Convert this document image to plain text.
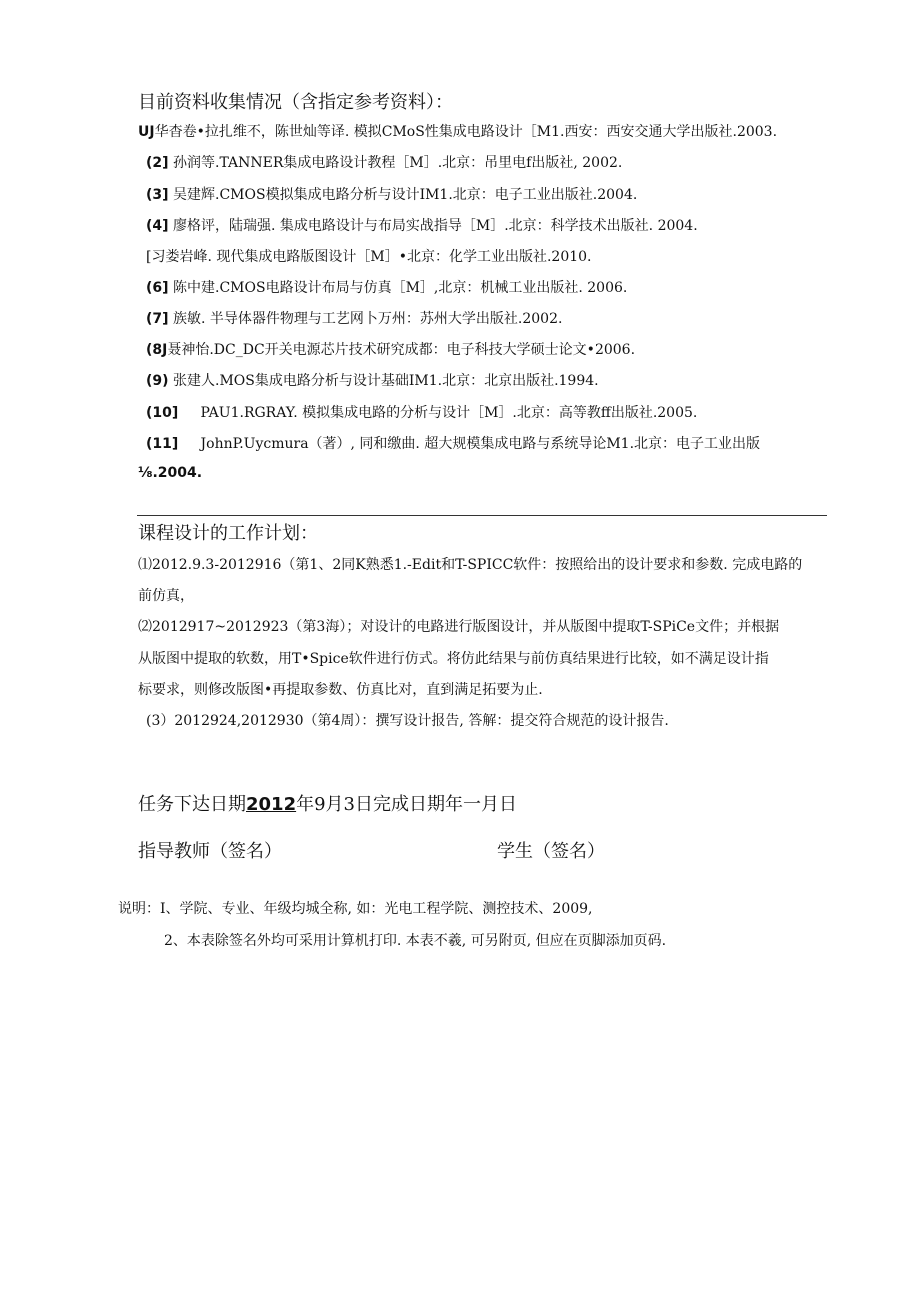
目前资料收集情况（含指定参考资料）：
UJ华杳卷•拉扎维不，陈世灿等译. 模拟CMoS性集成电路设计［M1.西安：西安交通大学出版社.2003.
(2] 孙润等.TANNER集成电路设计教程［M］.北京：吊里电f出版社, 2002.
(3] 吴建辉.CMOS模拟集成电路分析与设计IM1.北京：电子工业出版社.2004.
(4] 廖格评，陆瑞强. 集成电路设计与布局实战指导［M］.北京：科学技术出版社. 2004.
[习娄岩峰. 现代集成电路版图设计［M］•北京：化学工业出版社.2010.
(6] 陈中建.CMOS电路设计布局与仿真［M］,北京：机械工业出版社. 2006.
(7] 族敏. 半导体器件物理与工艺网卜万州：苏州大学出版社.2002.
(8J聂神怡.DC_DC开关电源芯片技术研究成都：电子科技大学硕士论文•2006.
(9) 张建人.MOS集成电路分析与设计基础IM1.北京：北京出版社.1994.
(10] PAU1.RGRAY. 模拟集成电路的分析与设计［M］.北京：高等教ff出版社.2005.
(11] JohnP.Uycmura（著）, 同和缴曲. 超大规模集成电路与系统导论M1.北京：电子工业出版
⅛.2004.
课程设计的工作计划：
⑴2012.9.3-2012916（第1、2同K熟悉1.-Edit和T-SPICC软件：按照给出的设计要求和参数. 完成电路的
前仿真，
⑵2012917~2012923（第3海）；对设计的电路进行版图设计，并从版图中提取T-SPiCe文件；并根据
从版图中提取的软数，用T•Spice软件进行仿式。将仿此结果与前仿真结果进行比较，如不满足设计指
标要求，则修改版图•再提取参数、仿真比对，直到满足拓要为止.
(3）2012924,2012930（第4周）：撰写设计报告, 答解：提交符合规范的设计报告.
任务下达日期2012年9月3日完成日期年一月日
指导教师（签名）	学生（签名）
说明：I、学院、专业、年级均城全称, 如：光电工程学院、测控技术、2009,
2、本表除签名外均可采用计算机打印. 本表不羲, 可另附页, 但应在页脚添加页码.
